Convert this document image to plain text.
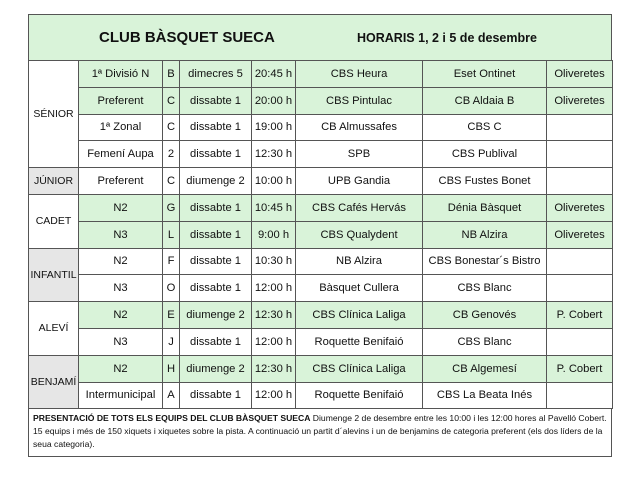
CLUB BÀSQUET SUECA	HORARIS 1, 2 i 5 de desembre
SÉNIOR	1ª Divisió N	B	dimecres 5	20:45 h	CBS Heura	Eset Ontinet	Oliveretes
	Preferent	C	dissabte 1	20:00 h	CBS Pintulac	CB Aldaia B	Oliveretes
	1ª Zonal	C	dissabte 1	19:00 h	CB Almussafes	CBS C	
	Femení Aupa	2	dissabte 1	12:30 h	SPB	CBS Publival	
JÚNIOR	Preferent	C	diumenge 2	10:00 h	UPB Gandia	CBS Fustes Bonet	
CADET	N2	G	dissabte 1	10:45 h	CBS Cafés Hervás	Dénia Bàsquet	Oliveretes
	N3	L	dissabte 1	9:00 h	CBS Qualydent	NB Alzira	Oliveretes
INFANTIL	N2	F	dissabte 1	10:30 h	NB Alzira	CBS Bonestar´s Bistro	
	N3	O	dissabte 1	12:00 h	Bàsquet Cullera	CBS Blanc	
ALEVÍ	N2	E	diumenge 2	12:30 h	CBS Clínica Laliga	CB Genovés	P. Cobert
	N3	J	dissabte 1	12:00 h	Roquette Benifaió	CBS Blanc	
BENJAMÍ	N2	H	diumenge 2	12:30 h	CBS Clínica Laliga	CB Algemesí	P. Cobert
	Intermunicipal	A	dissabte 1	12:00 h	Roquette Benifaió	CBS La Beata Inés	
PRESENTACIÓ DE TOTS ELS EQUIPS DEL CLUB BÀSQUET SUECA Diumenge 2 de desembre entre les 10:00 i les 12:00 hores al Pavelló Cobert. 15 equips i més de 150 xiquets i xiquetes sobre la pista. A continuació un partit d´alevins i un de benjamins de categoria preferent (els dos líders de la seua categoria).
